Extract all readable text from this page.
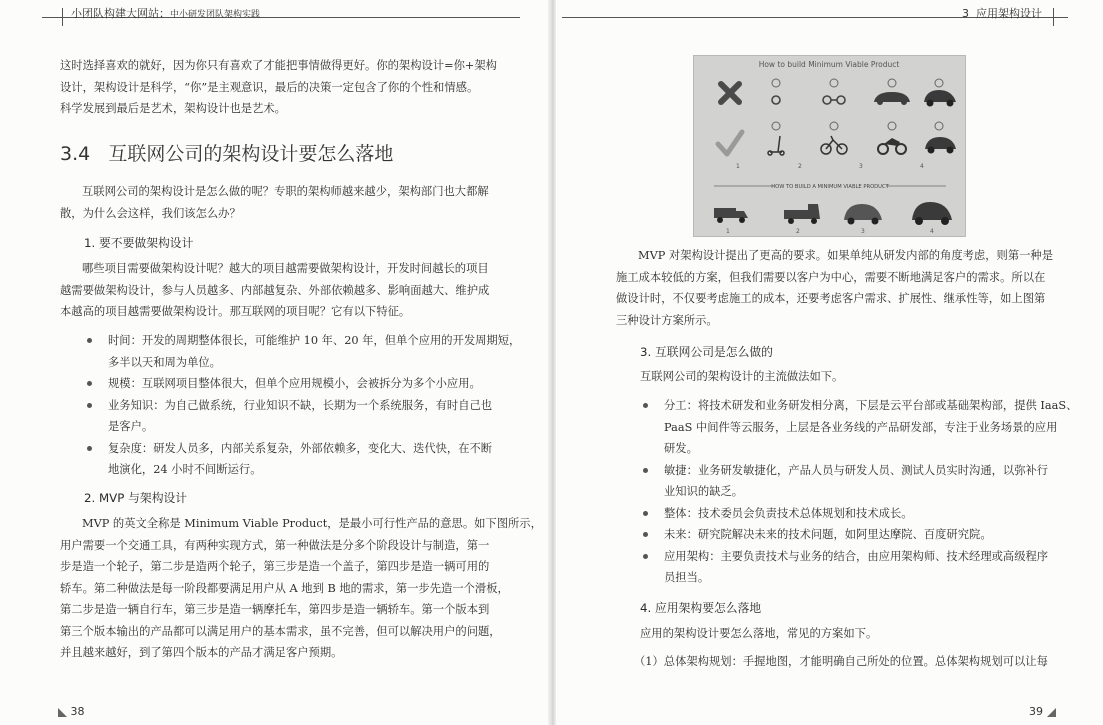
小团队构建大网站：中小研发团队架构实践
这时选择喜欢的就好，因为你只有喜欢了才能把事情做得更好。你的架构设计=你+架构
设计，架构设计是科学，“你”是主观意识，最后的决策一定包含了你的个性和情感。
科学发展到最后是艺术，架构设计也是艺术。
3.4 互联网公司的架构设计要怎么落地
互联网公司的架构设计是怎么做的呢？专职的架构师越来越少，架构部门也大都解
散，为什么会这样，我们该怎么办？
1. 要不要做架构设计
哪些项目需要做架构设计呢？越大的项目越需要做架构设计，开发时间越长的项目
越需要做架构设计，参与人员越多、内部越复杂、外部依赖越多、影响面越大、维护成
本越高的项目越需要做架构设计。那互联网的项目呢？它有以下特征。
时间：开发的周期整体很长，可能维护 10 年、20 年，但单个应用的开发周期短，
多半以天和周为单位。
规模：互联网项目整体很大，但单个应用规模小，会被拆分为多个小应用。
业务知识：为自己做系统，行业知识不缺，长期为一个系统服务，有时自己也
是客户。
复杂度：研发人员多，内部关系复杂，外部依赖多，变化大、迭代快，在不断
地演化，24 小时不间断运行。
2. MVP 与架构设计
MVP 的英文全称是 Minimum Viable Product，是最小可行性产品的意思。如下图所示，
用户需要一个交通工具，有两种实现方式，第一种做法是分多个阶段设计与制造，第一
步是造一个轮子，第二步是造两个轮子，第三步是造一个盖子，第四步是造一辆可用的
轿车。第二种做法是每一阶段都要满足用户从 A 地到 B 地的需求，第一步先造一个滑板，
第二步是造一辆自行车，第三步是造一辆摩托车，第四步是造一辆轿车。第一个版本到
第三个版本输出的产品都可以满足用户的基本需求，虽不完善，但可以解决用户的问题，
并且越来越好，到了第四个版本的产品才满足客户预期。
38
3 应用架构设计
How to build Minimum Viable Product
1	2	3	4
HOW TO BUILD A MINIMUM VIABLE PRODUCT
1	2	3	4
MVP 对架构设计提出了更高的要求。如果单纯从研发内部的角度考虑，则第一种是
施工成本较低的方案，但我们需要以客户为中心，需要不断地满足客户的需求。所以在
做设计时，不仅要考虑施工的成本，还要考虑客户需求、扩展性、继承性等，如上图第
三种设计方案所示。
3. 互联网公司是怎么做的
互联网公司的架构设计的主流做法如下。
分工：将技术研发和业务研发相分离，下层是云平台部或基础架构部，提供 IaaS、
PaaS 中间件等云服务，上层是各业务线的产品研发部，专注于业务场景的应用
研发。
敏捷：业务研发敏捷化，产品人员与研发人员、测试人员实时沟通，以弥补行
业知识的缺乏。
整体：技术委员会负责技术总体规划和技术成长。
未来：研究院解决未来的技术问题，如阿里达摩院、百度研究院。
应用架构：主要负责技术与业务的结合，由应用架构师、技术经理或高级程序
员担当。
4. 应用架构要怎么落地
应用的架构设计要怎么落地，常见的方案如下。
（1）总体架构规划：手握地图，才能明确自己所处的位置。总体架构规划可以让每
39
